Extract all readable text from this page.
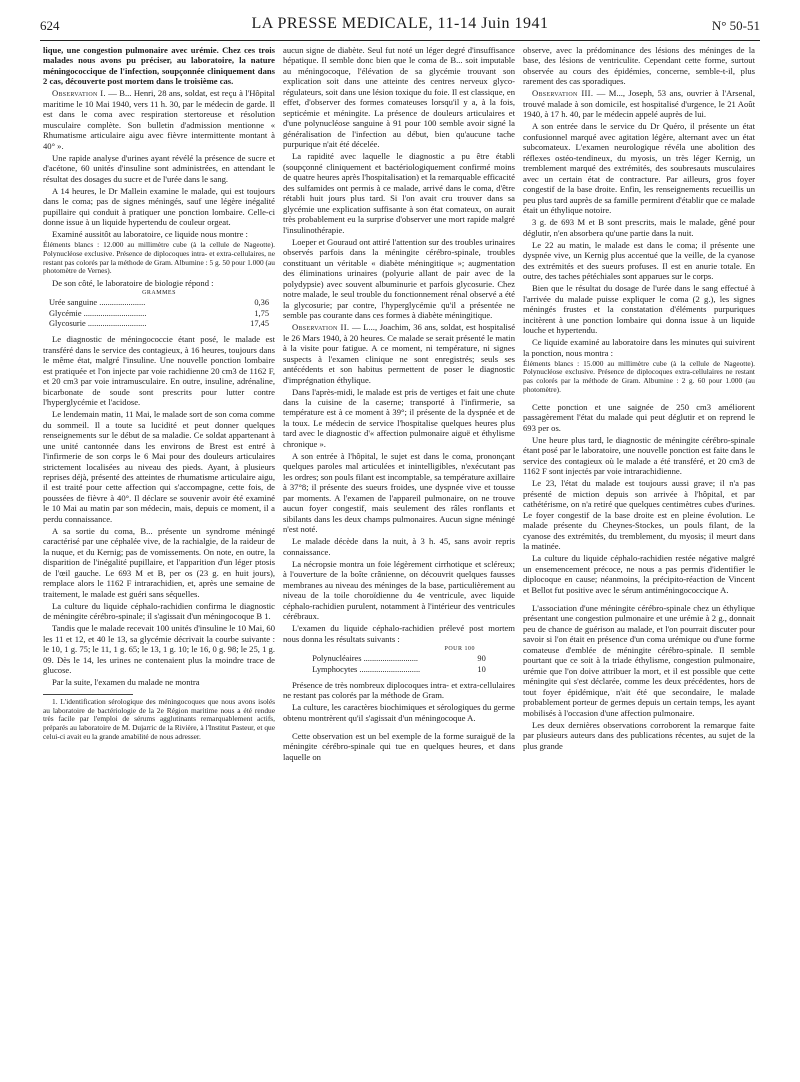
624	LA PRESSE MEDICALE, 11-14 Juin 1941	N° 50-51

lique, une congestion pulmonaire avec urémie. Chez ces trois malades nous avons pu préciser, au laboratoire, la nature méningococcique de l'infection, soupçonnée cliniquement dans 2 cas, découverte post mortem dans le troisième cas.

Observation I. — B... Henri, 28 ans, soldat, est reçu à l'Hôpital maritime le 10 Mai 1940, vers 11 h. 30, par le médecin de garde. Il est dans le coma avec respiration stertoreuse et résolution musculaire complète. Son bulletin d'admission mentionne « Rhumatisme articulaire aigu avec fièvre intermittente montant à 40° ».

Une rapide analyse d'urines ayant révélé la présence de sucre et d'acétone, 60 unités d'insuline sont administrées, en attendant le résultat des dosages du sucre et de l'urée dans le sang.

A 14 heures, le Dr Mallein examine le malade, qui est toujours dans le coma; pas de signes méningés, sauf une légère inégalité pupillaire qui conduit à pratiquer une ponction lombaire. Celle-ci donne issue à un liquide hypertendu de couleur orgeat.

Examiné aussitôt au laboratoire, ce liquide nous montre :

Éléments blancs : 12.000 au millimètre cube (à la cellule de Nageotte). Polynucléose exclusive. Présence de diplocoques intra- et extra-cellulaires, ne restant pas colorés par la méthode de Gram. Albumine : 5 g. 50 pour 1.000 (au photomètre de Vernes).

De son côté, le laboratoire de biologie répond :

GRAMMES
Urée sanguine ......................	0,36
Glycémie ..............................	1,75
Glycosurie ............................	17,45

Le diagnostic de méningococcie étant posé, le malade est transféré dans le service des contagieux, à 16 heures, toujours dans le même état, malgré l'insuline. Une nouvelle ponction lombaire est pratiquée et l'on injecte par voie rachidienne 20 cm3 de 1162 F, et 20 cm3 par voie intramusculaire. En outre, insuline, adrénaline, bicarbonate de soude sont prescrits pour lutter contre l'hyperglycémie et l'acidose.

Le lendemain matin, 11 Mai, le malade sort de son coma comme du sommeil. Il a toute sa lucidité et peut donner quelques renseignements sur le début de sa maladie. Ce soldat appartenant à une unité cantonnée dans les environs de Brest est entré à l'infirmerie de son corps le 6 Mai pour des douleurs articulaires strictement localisées au niveau des pieds. Ayant, à plusieurs reprises déjà, présenté des atteintes de rhumatisme articulaire aigu, il est traité pour cette affection qui s'accompagne, cette fois, de poussées de fièvre à 40°. Il déclare se souvenir avoir été examiné le 10 Mai au matin par son médecin, mais, depuis ce moment, il a perdu connaissance.

A sa sortie du coma, B... présente un syndrome méningé caractérisé par une céphalée vive, de la rachialgie, de la raideur de la nuque, et du Kernig; pas de vomissements. On note, en outre, la disparition de l'inégalité pupillaire, et l'apparition d'un léger ptosis de l'œil gauche. Le 693 M et B, per os (23 g. en huit jours), remplace alors le 1162 F intrarachidien, et, après une semaine de traitement, le malade est guéri sans séquelles.

La culture du liquide céphalo-rachidien confirma le diagnostic de méningite cérébro-spinale; il s'agissait d'un méningocoque B 1.

Tandis que le malade recevait 100 unités d'insuline le 10 Mai, 60 les 11 et 12, et 40 le 13, sa glycémie décrivait la courbe suivante : le 10, 1 g. 75; le 11, 1 g. 65; le 13, 1 g. 10; le 16, 0 g. 98; le 25, 1 g. 09. Dès le 14, les urines ne contenaient plus la moindre trace de glucose.

Par la suite, l'examen du malade ne montra

1. L'identification sérologique des méningocoques que nous avons isolés au laboratoire de bactériologie de la 2e Région maritime nous a été rendue très facile par l'emploi de sérums agglutinants remarquablement actifs, préparés au laboratoire de M. Dujarric de la Rivière, à l'Institut Pasteur, et que celui-ci avait eu la grande amabilité de nous adresser.

aucun signe de diabète. Seul fut noté un léger degré d'insuffisance hépatique. Il semble donc bien que le coma de B... soit imputable au méningocoque, l'élévation de sa glycémie trouvant son explication soit dans une atteinte des centres nerveux glyco-régulateurs, soit dans une lésion toxique du foie. Il est classique, en effet, d'observer des formes comateuses lorsqu'il y a, à la fois, septicémie et méningite. La présence de douleurs articulaires et d'une polynucléose sanguine à 91 pour 100 semble avoir signé la généralisation de l'infection au début, bien qu'aucune tache purpurique n'ait été décelée.

La rapidité avec laquelle le diagnostic a pu être établi (soupçonné cliniquement et bactériologiquement confirmé moins de quatre heures après l'hospitalisation) et la remarquable efficacité des sulfamides ont permis à ce malade, arrivé dans le coma, d'être rétabli huit jours plus tard. Si l'on avait cru trouver dans sa glycémie une explication suffisante à son état comateux, on aurait très probablement eu la surprise d'observer une mort rapide malgré l'insulinothérapie.

Loeper et Gouraud ont attiré l'attention sur des troubles urinaires observés parfois dans la méningite cérébro-spinale, troubles constituant un véritable « diabète méningitique »; augmentation des éliminations urinaires (polyurie allant de pair avec de la polydypsie) avec souvent albuminurie et parfois glycosurie. Chez notre malade, le seul trouble du fonctionnement rénal observé a été la glycosurie; par contre, l'hyperglycémie qu'il a présentée ne semble pas courante dans ces formes à diabète méningitique.

Observation II. — L..., Joachim, 36 ans, soldat, est hospitalisé le 26 Mars 1940, à 20 heures. Ce malade se serait présenté le matin à la visite pour fatigue. A ce moment, ni température, ni signes suspects à l'examen clinique ne sont enregistrés; seuls ses antécédents et son habitus permettent de poser le diagnostic d'imprégnation éthylique.

Dans l'après-midi, le malade est pris de vertiges et fait une chute dans la cuisine de la caserne; transporté à l'infirmerie, sa température est à ce moment à 39°; il présente de la dyspnée et de la toux. Le médecin de service l'hospitalise quelques heures plus tard avec le diagnostic d'« affection pulmonaire aiguë et éthylisme chronique ».

A son entrée à l'hôpital, le sujet est dans le coma, prononçant quelques paroles mal articulées et inintelligibles, n'exécutant pas les ordres; son pouls filant est incomptable, sa température axillaire à 37°8; il présente des sueurs froides, une dyspnée vive et tousse par moments. A l'examen de l'appareil pulmonaire, on ne trouve aucun foyer congestif, mais seulement des râles ronflants et sibilants dans les deux champs pulmonaires. Aucun signe méningé n'est noté.

Le malade décède dans la nuit, à 3 h. 45, sans avoir repris connaissance.

La nécropsie montra un foie légèrement cirrhotique et scléreux; à l'ouverture de la boîte crânienne, on découvrit quelques fausses membranes au niveau des méninges de la base, particulièrement au niveau de la toile choroïdienne du 4e ventricule, avec liquide céphalo-rachidien purulent, notamment à l'intérieur des ventricules cérébraux.

L'examen du liquide céphalo-rachidien prélevé post mortem nous donna les résultats suivants :

POUR 100
Polynucléaires ..........................	90
Lymphocytes .............................	10

Présence de très nombreux diplocoques intra- et extra-cellulaires ne restant pas colorés par la méthode de Gram.

La culture, les caractères biochimiques et sérologiques du germe obtenu montrèrent qu'il s'agissait d'un méningocoque A.

Cette observation est un bel exemple de la forme suraiguë de la méningite cérébro-spinale qui tue en quelques heures, et dans laquelle on

observe, avec la prédominance des lésions des méninges de la base, des lésions de ventriculite. Cependant cette forme, surtout observée au cours des épidémies, concerne, semble-t-il, plus rarement des cas sporadiques.

Observation III. — M..., Joseph, 53 ans, ouvrier à l'Arsenal, trouvé malade à son domicile, est hospitalisé d'urgence, le 21 Août 1940, à 17 h. 40, par le médecin appelé auprès de lui.

A son entrée dans le service du Dr Quéro, il présente un état confusionnel marqué avec agitation légère, alternant avec un état subcomateux. L'examen neurologique révéla une abolition des réflexes ostéo-tendineux, du myosis, un très léger Kernig, un tremblement marqué des extrémités, des soubresauts musculaires avec un certain état de contracture. Par ailleurs, gros foyer congestif de la base droite. Enfin, les renseignements recueillis un peu plus tard auprès de sa famille permirent d'établir que ce malade était un éthylique notoire.

3 g. de 693 M et B sont prescrits, mais le malade, gêné pour déglutir, n'en absorbera qu'une partie dans la nuit.

Le 22 au matin, le malade est dans le coma; il présente une dyspnée vive, un Kernig plus accentué que la veille, de la cyanose des extrémités et des sueurs profuses. Il est en anurie totale. En outre, des taches pétéchiales sont apparues sur le corps.

Bien que le résultat du dosage de l'urée dans le sang effectué à l'arrivée du malade puisse expliquer le coma (2 g.), les signes méningés frustes et la constatation d'éléments purpuriques incitèrent à une ponction lombaire qui donna issue à un liquide louche et hypertendu.

Ce liquide examiné au laboratoire dans les minutes qui suivirent la ponction, nous montra :

Éléments blancs : 15.000 au millimètre cube (à la cellule de Nageotte). Polynucléose exclusive. Présence de diplocoques extra-cellulaires ne restant pas colorés par la méthode de Gram. Albumine : 2 g. 60 pour 1.000 (au photomètre).

Cette ponction et une saignée de 250 cm3 améliorent passagèrement l'état du malade qui peut déglutir et on reprend le 693 per os.

Une heure plus tard, le diagnostic de méningite cérébro-spinale étant posé par le laboratoire, une nouvelle ponction est faite dans le service des contagieux où le malade a été transféré, et 20 cm3 de 1162 F sont injectés par voie intrarachidienne.

Le 23, l'état du malade est toujours aussi grave; il n'a pas présenté de miction depuis son arrivée à l'hôpital, et par cathétérisme, on n'a retiré que quelques centimètres cubes d'urines. Le foyer congestif de la base droite est en pleine évolution. Le malade présente du Cheynes-Stockes, un pouls filant, de la cyanose des extrémités, du tremblement, du myosis; il meurt dans la matinée.

La culture du liquide céphalo-rachidien restée négative malgré un ensemencement précoce, ne nous a pas permis d'identifier le diplocoque en cause; néanmoins, la précipito-réaction de Vincent et Bellot fut positive avec le sérum antiméningococcique A.

L'association d'une méningite cérébro-spinale chez un éthylique présentant une congestion pulmonaire et une urémie à 2 g., donnait peu de chance de guérison au malade, et l'on pourrait discuter pour savoir si l'on était en présence d'un coma urémique ou d'une forme comateuse d'emblée de méningite cérébro-spinale. Il semble pourtant que ce soit à la triade éthylisme, congestion pulmonaire, urémie que l'on doive attribuer la mort, et il est possible que cette méningite qui s'est déclarée, comme les deux précédentes, hors de tout foyer épidémique, n'ait été que secondaire, le malade probablement porteur de germes depuis un certain temps, les ayant mobilisés à l'occasion d'une affection pulmonaire.

Les deux dernières observations corroborent la remarque faite par plusieurs auteurs dans des publications récentes, au sujet de la plus grande
